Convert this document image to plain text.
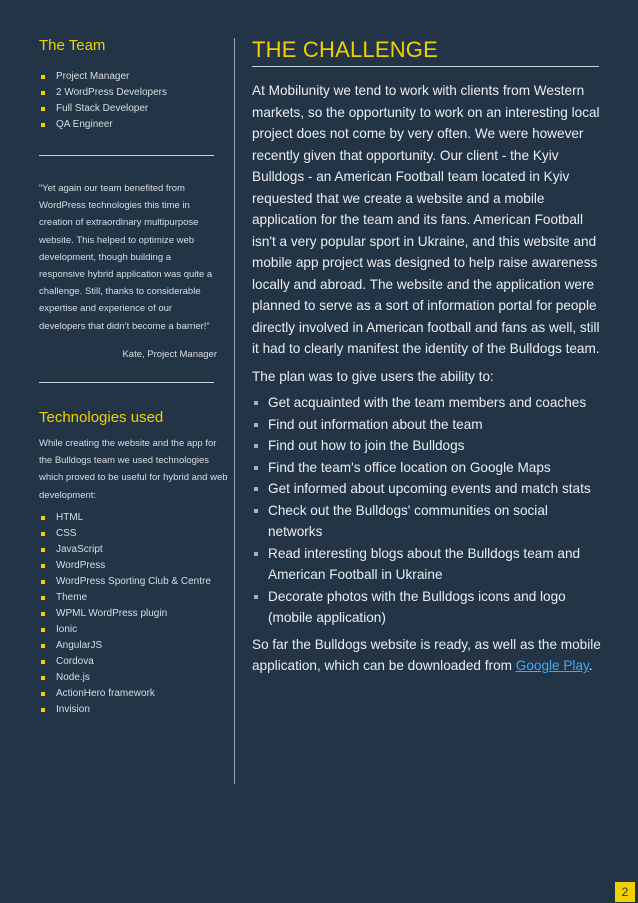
The Team
Project Manager
2 WordPress Developers
Full Stack Developer
QA Engineer

“Yet again our team benefited from WordPress technologies this time in creation of extraordinary multipurpose website. This helped to optimize web development, though building a responsive hybrid application was quite a challenge. Still, thanks to considerable expertise and experience of our developers that didn’t become a barrier!”

Kate, Project Manager

Technologies used

While creating the website and the app for the Bulldogs team we used technologies which proved to be useful for hybrid and web development:

HTML
CSS
JavaScript
WordPress
WordPress Sporting Club & Centre
Theme
WPML WordPress plugin
Ionic
AngularJS
Cordova
Node.js
ActionHero framework
Invision
THE CHALLENGE

At Mobilunity we tend to work with clients from Western markets, so the opportunity to work on an interesting local project does not come by very often. We were however recently given that opportunity. Our client - the Kyiv Bulldogs - an American Football team located in Kyiv requested that we create a website and a mobile application for the team and its fans. American Football isn't a very popular sport in Ukraine, and this website and mobile app project was designed to help raise awareness locally and abroad. The website and the application were planned to serve as a sort of information portal for people directly involved in American football and fans as well, still it had to clearly manifest the identity of the Bulldogs team.

The plan was to give users the ability to:

Get acquainted with the team members and coaches
Find out information about the team
Find out how to join the Bulldogs
Find the team's office location on Google Maps
Get informed about upcoming events and match stats
Check out the Bulldogs' communities on social networks
Read interesting blogs about the Bulldogs team and American Football in Ukraine
Decorate photos with the Bulldogs icons and logo (mobile application)

So far the Bulldogs website is ready, as well as the mobile application, which can be downloaded from Google Play.

2
